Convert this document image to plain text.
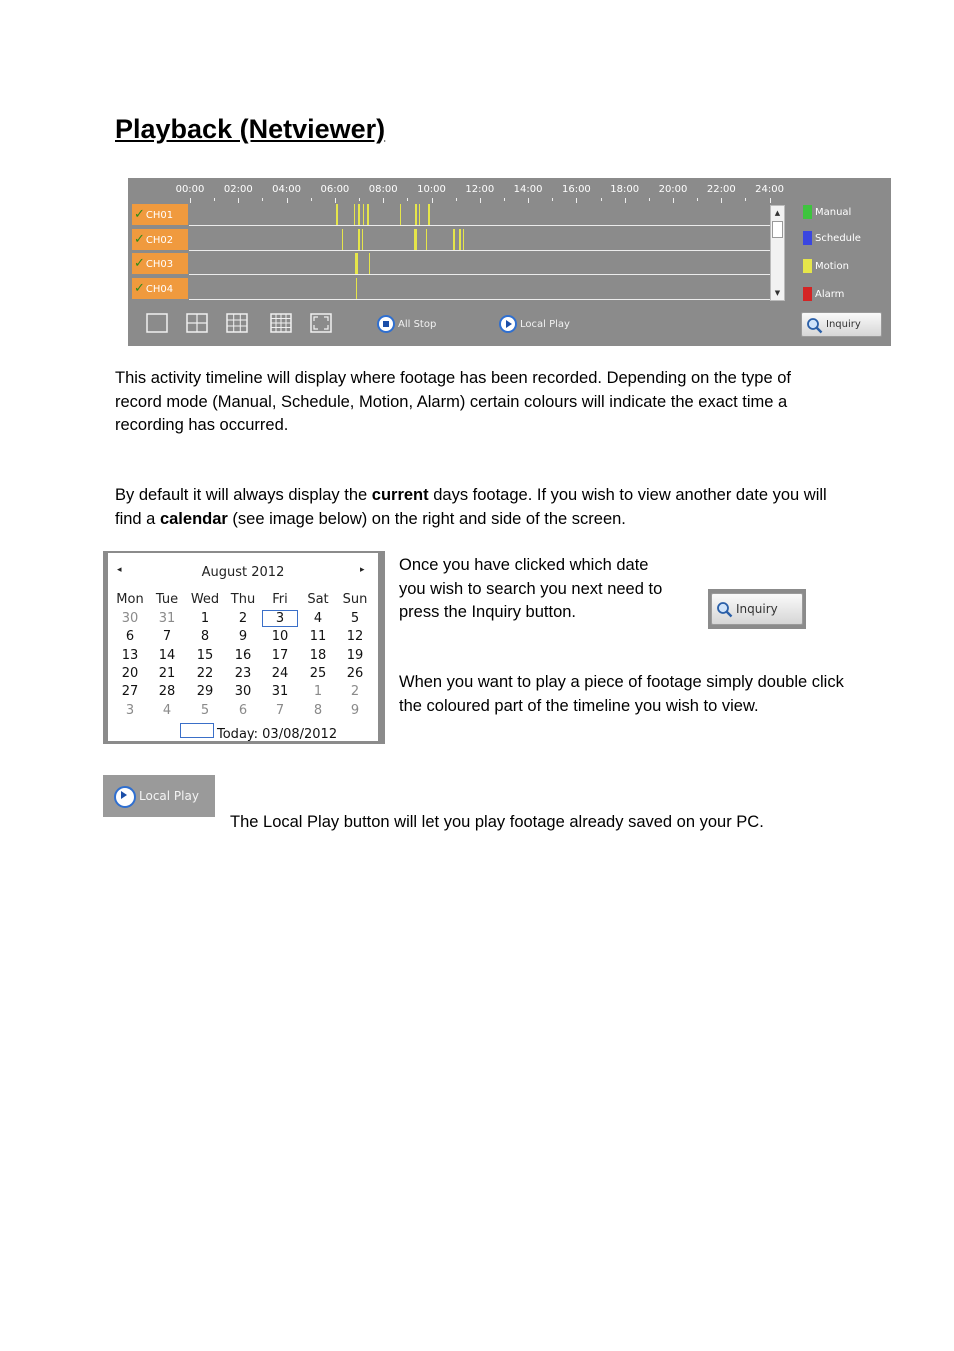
Playback (Netviewer)
00:00	02:00	04:00	06:00	08:00	10:00	12:00	14:00	16:00	18:00	20:00	22:00	24:00
✓CH01
✓CH02
✓CH03
✓CH04
▲
▼
Manual
Schedule
Motion
Alarm
All Stop	Local Play	Inquiry

This activity timeline will display where footage has been recorded. Depending on the type of record mode (Manual, Schedule, Motion, Alarm) certain colours will indicate the exact time a recording has occurred.

By default it will always display the current days footage. If you wish to view another date you will find a calendar (see image below) on the right and side of the screen.

◂	August 2012	▸
Today: 03/08/2012
Mon Tue Wed Thu	Fri	Sat	Sun
30	31	1	2	3	4	5
6	7	8	9	10	11	12
13	14	15	16	17	18	19
20	21	22	23	24	25	26
27	28	29	30	31	1	2
3	4	5	6	7	8	9

Once you have clicked which date you wish to search you next need to press the Inquiry button.	Inquiry

When you want to play a piece of footage simply double click the coloured part of the timeline you wish to view.

Local Play

The Local Play button will let you play footage already saved on your PC.
